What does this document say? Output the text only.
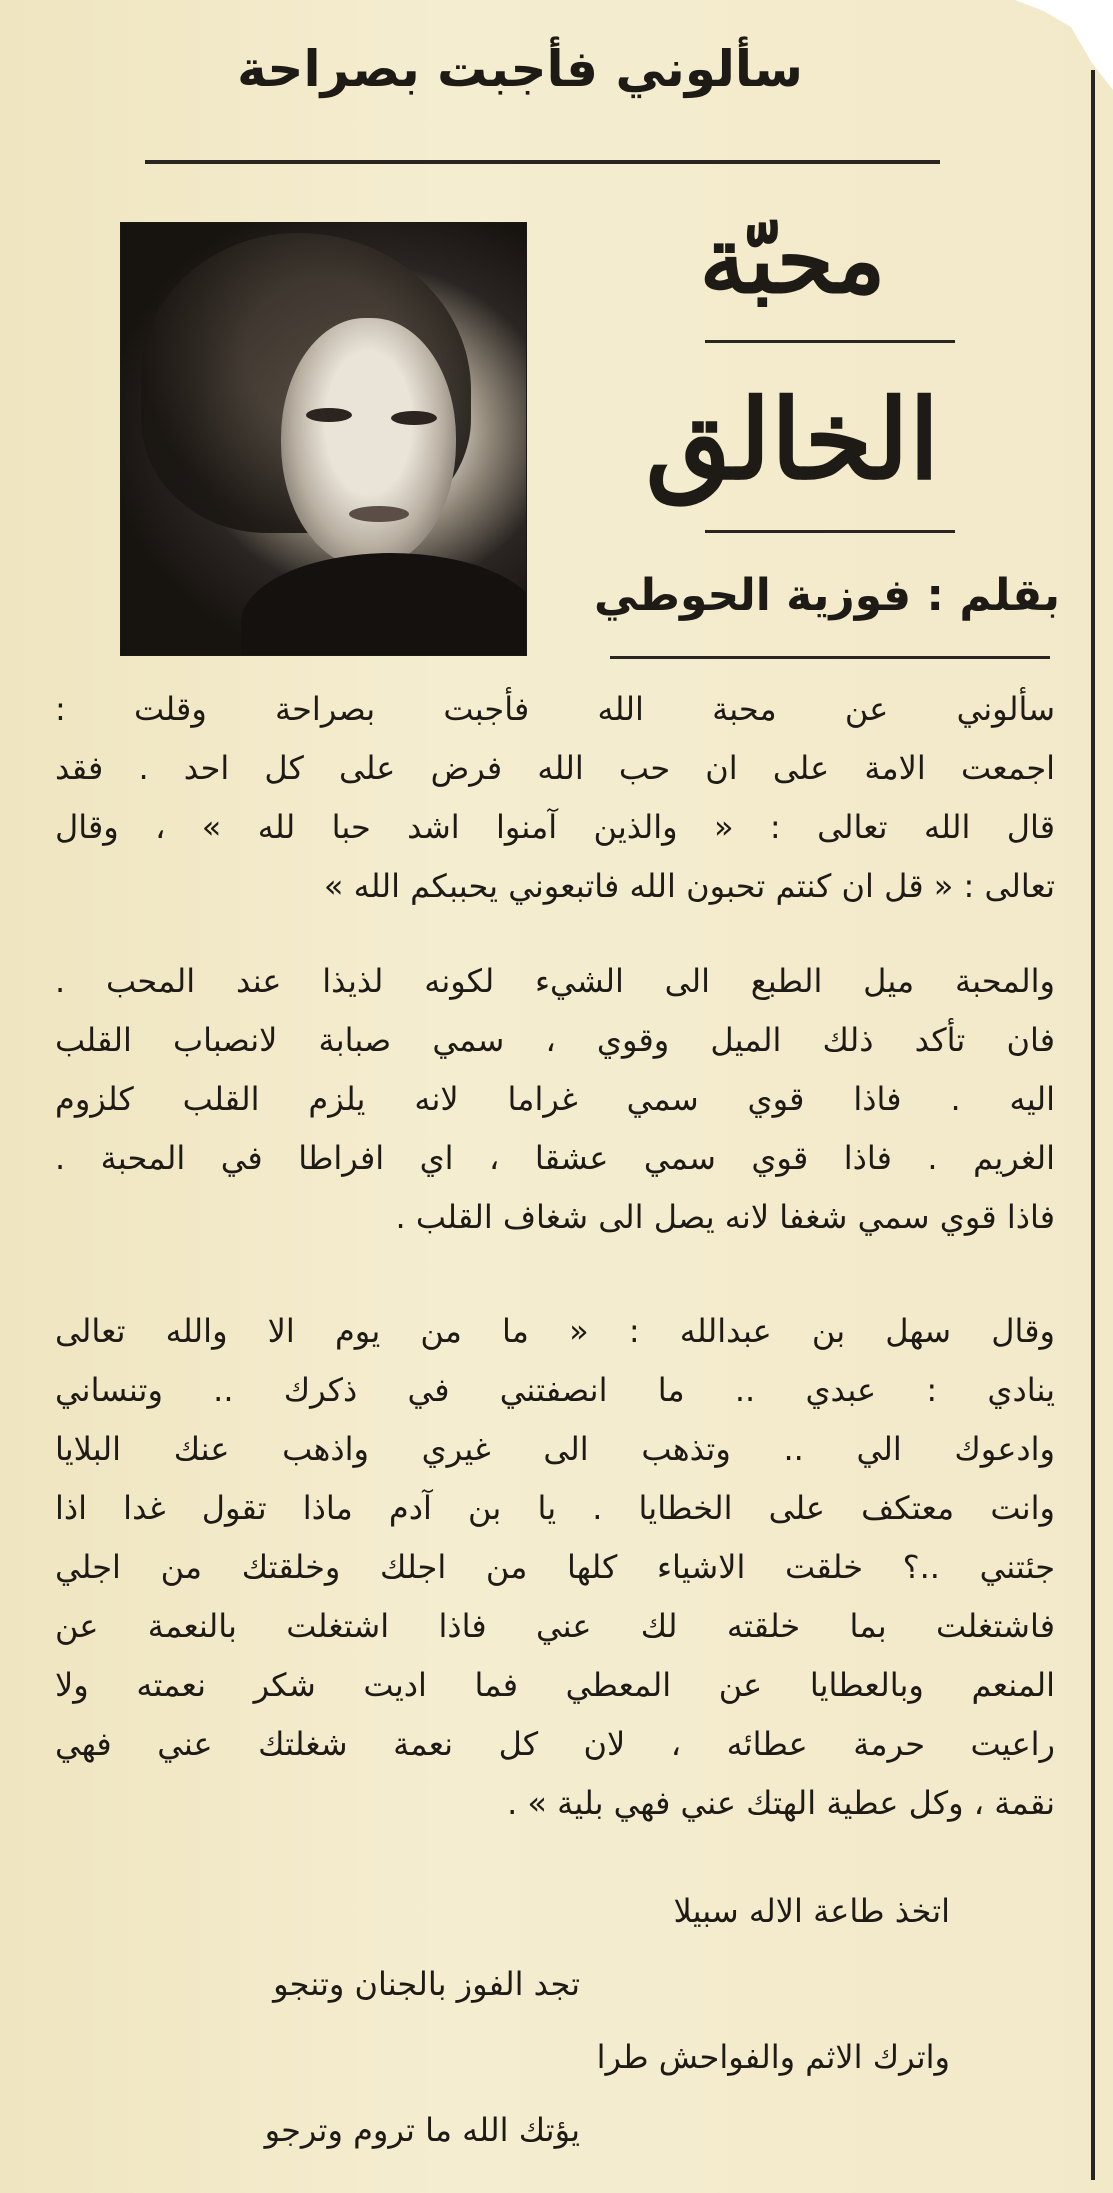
سألوني فأجبت بصراحة
محبّة
الخالق
بقلم : فوزية الحوطي

سألوني عن محبة الله فأجبت بصراحة وقلت :

اجمعت الامة على ان حب الله فرض على كل احد . فقد

قال الله تعالى : « والذين آمنوا اشد حبا لله » ، وقال

تعالى : « قل ان كنتم تحبون الله فاتبعوني يحببكم الله »

والمحبة ميل الطبع الى الشيء لكونه لذيذا عند المحب .

فان تأكد ذلك الميل وقوي ، سمي صبابة لانصباب القلب

اليه . فاذا قوي سمي غراما لانه يلزم القلب كلزوم

الغريم . فاذا قوي سمي عشقا ، اي افراطا في المحبة .

فاذا قوي سمي شغفا لانه يصل الى شغاف القلب .

وقال سهل بن عبدالله : « ما من يوم الا والله تعالى

ينادي : عبدي .. ما انصفتني في ذكرك .. وتنساني

وادعوك الي .. وتذهب الى غيري واذهب عنك البلايا

وانت معتكف على الخطايا . يا بن آدم ماذا تقول غدا اذا

جئتني ..؟ خلقت الاشياء كلها من اجلك وخلقتك من اجلي

فاشتغلت بما خلقته لك عني فاذا اشتغلت بالنعمة عن

المنعم وبالعطايا عن المعطي فما اديت شكر نعمته ولا

راعيت حرمة عطائه ، لان كل نعمة شغلتك عني فهي

نقمة ، وكل عطية الهتك عني فهي بلية » .

اتخذ طاعة الاله سبيلا
تجد الفوز بالجنان وتنجو
واترك الاثم والفواحش طرا
يؤتك الله ما تروم وترجو
